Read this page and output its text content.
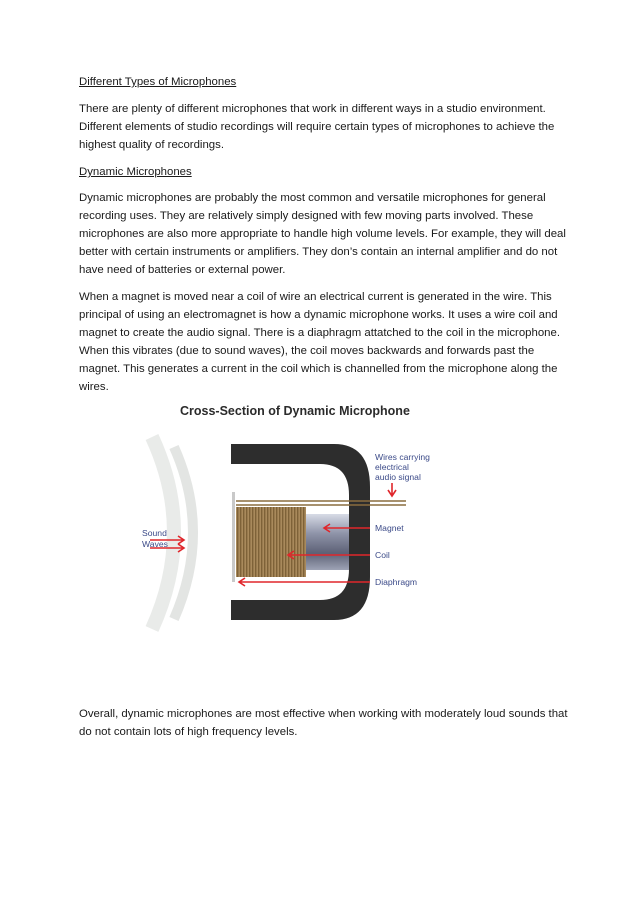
Different Types of Microphones

There are plenty of different microphones that work in different ways in a studio environment. Different elements of studio recordings will require certain types of microphones to achieve the highest quality of recordings.

Dynamic Microphones

Dynamic microphones are probably the most common and versatile microphones for general recording uses. They are relatively simply designed with few moving parts involved. These microphones are also more appropriate to handle high volume levels. For example, they will deal better with certain instruments or amplifiers. They don’s contain an internal amplifier and do not have need of batteries or external power.

When a magnet is moved near a coil of wire an electrical current is generated in the wire. This principal of using an electromagnet is how a dynamic microphone works. It uses a wire coil and magnet to create the audio signal. There is a diaphragm attatched to the coil in the microphone. When this vibrates (due to sound waves), the coil moves backwards and forwards past the magnet. This generates a current in the coil which is channelled from the microphone along the wires.

Cross-Section of Dynamic Microphone
Wires carrying
electrical
audio signal
Magnet
Coil
Diaphragm
Sound
Waves

Overall, dynamic microphones are most effective when working with moderately loud sounds that do not contain lots of high frequency levels.
